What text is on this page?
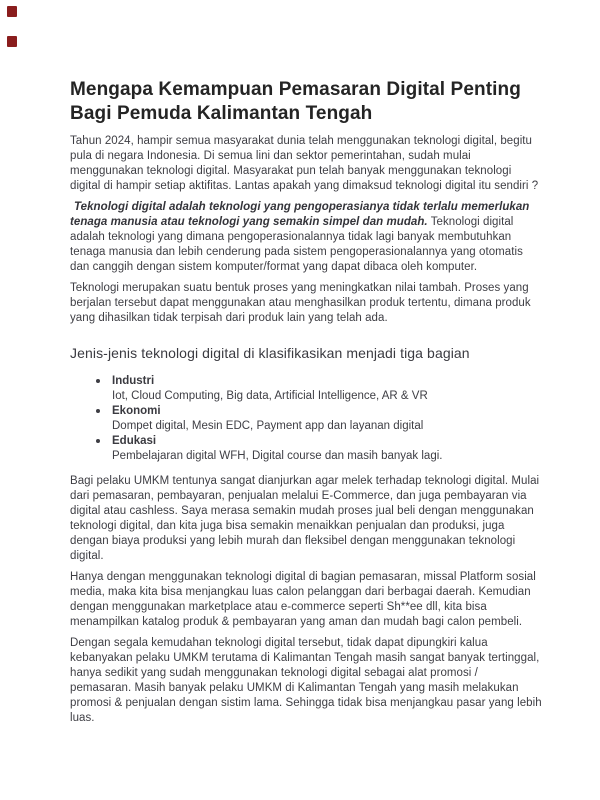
Mengapa Kemampuan Pemasaran Digital Penting Bagi Pemuda Kalimantan Tengah

Tahun 2024, hampir semua masyarakat dunia telah menggunakan teknologi digital, begitu pula di negara Indonesia. Di semua lini dan sektor pemerintahan, sudah mulai menggunakan teknologi digital. Masyarakat pun telah banyak menggunakan teknologi digital di hampir setiap aktifitas. Lantas apakah yang dimaksud teknologi digital itu sendiri ?

Teknologi digital adalah teknologi yang pengoperasianya tidak terlalu memerlukan tenaga manusia atau teknologi yang semakin simpel dan mudah. Teknologi digital adalah teknologi yang dimana pengoperasionalannya tidak lagi banyak membutuhkan tenaga manusia dan lebih cenderung pada sistem pengoperasionalannya yang otomatis dan canggih dengan sistem komputer/format yang dapat dibaca oleh komputer.

Teknologi merupakan suatu bentuk proses yang meningkatkan nilai tambah. Proses yang berjalan tersebut dapat menggunakan atau menghasilkan produk tertentu, dimana produk yang dihasilkan tidak terpisah dari produk lain yang telah ada.

Jenis-jenis teknologi digital di klasifikasikan menjadi tiga bagian
Industri
Iot, Cloud Computing, Big data, Artificial Intelligence, AR & VR
Ekonomi
Dompet digital, Mesin EDC, Payment app dan layanan digital
Edukasi
Pembelajaran digital WFH, Digital course dan masih banyak lagi.

Bagi pelaku UMKM tentunya sangat dianjurkan agar melek terhadap teknologi digital. Mulai dari pemasaran, pembayaran, penjualan melalui E-Commerce, dan juga pembayaran via digital atau cashless. Saya merasa semakin mudah proses jual beli dengan menggunakan teknologi digital, dan kita juga bisa semakin menaikkan penjualan dan produksi, juga dengan biaya produksi yang lebih murah dan fleksibel dengan menggunakan teknologi digital.

Hanya dengan menggunakan teknologi digital di bagian pemasaran, missal Platform sosial media, maka kita bisa menjangkau luas calon pelanggan dari berbagai daerah. Kemudian dengan menggunakan marketplace atau e-commerce seperti Sh**ee dll, kita bisa menampilkan katalog produk & pembayaran yang aman dan mudah bagi calon pembeli.

Dengan segala kemudahan teknologi digital tersebut, tidak dapat dipungkiri kalua kebanyakan pelaku UMKM terutama di Kalimantan Tengah masih sangat banyak tertinggal, hanya sedikit yang sudah menggunakan teknologi digital sebagai alat promosi / pemasaran. Masih banyak pelaku UMKM di Kalimantan Tengah yang masih melakukan promosi & penjualan dengan sistim lama. Sehingga tidak bisa menjangkau pasar yang lebih luas.
